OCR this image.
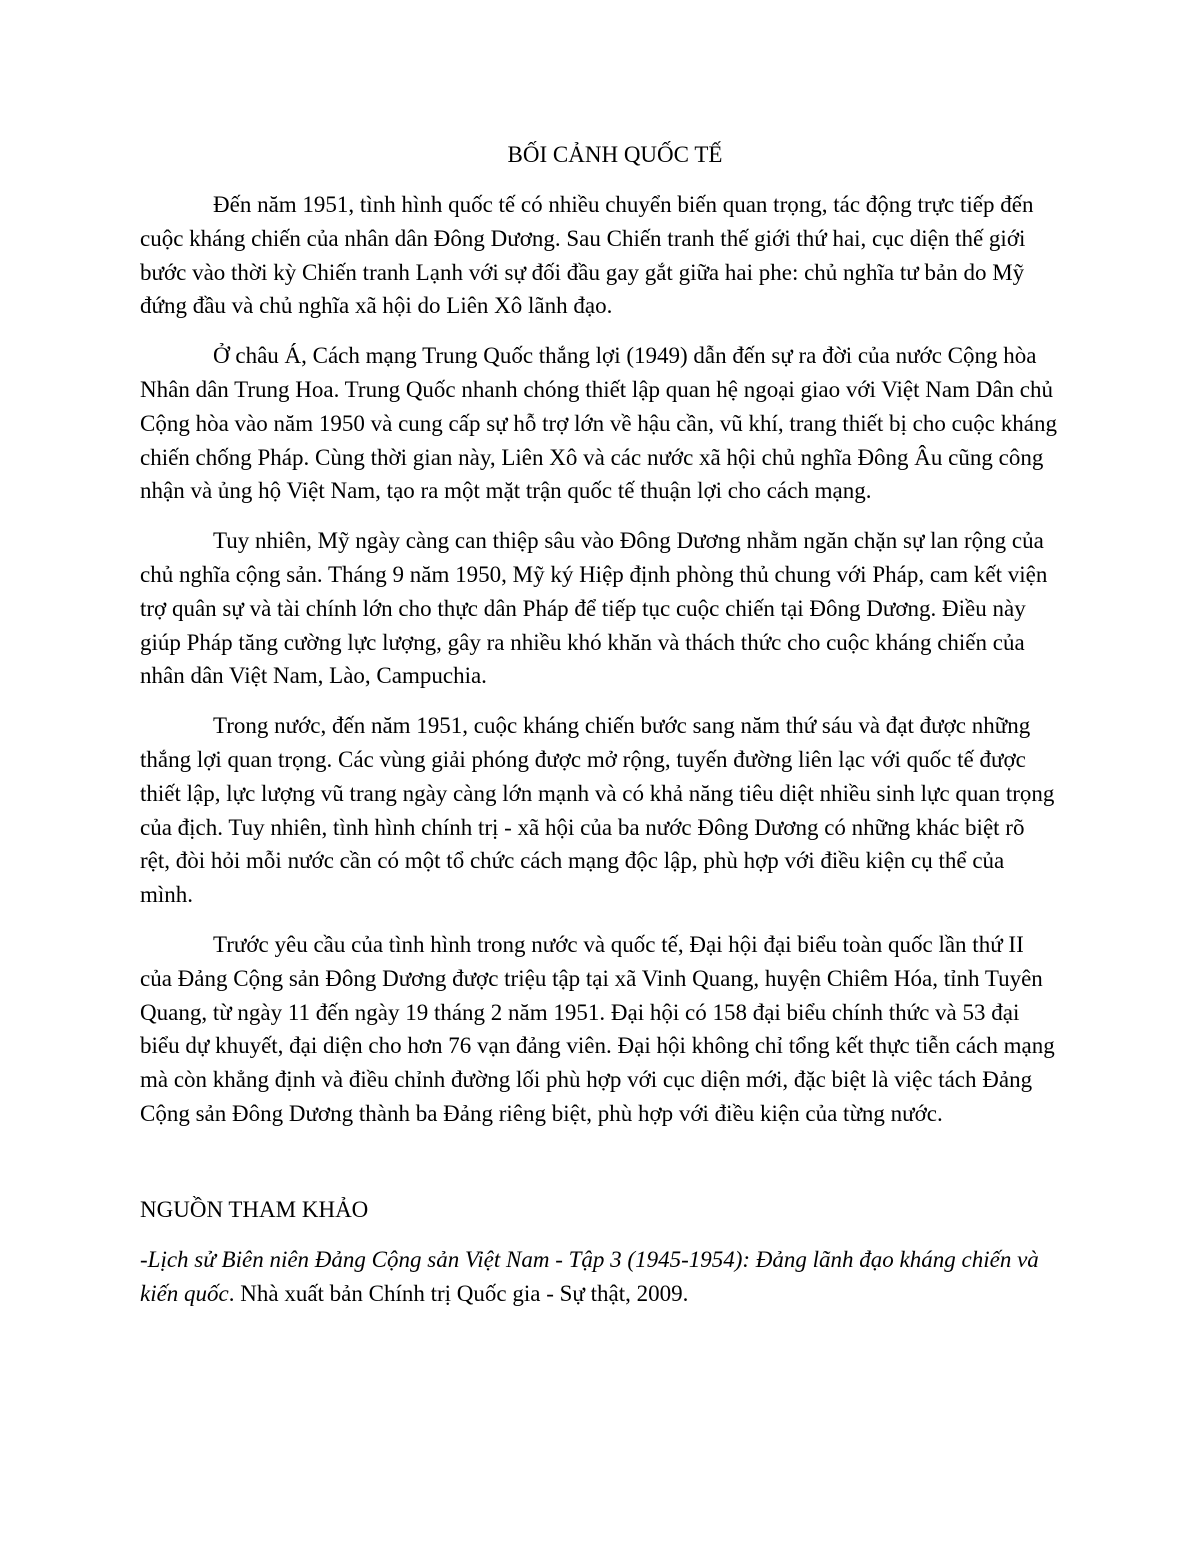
BỐI CẢNH QUỐC TẾ

Đến năm 1951, tình hình quốc tế có nhiều chuyển biến quan trọng, tác động trực tiếp đến cuộc kháng chiến của nhân dân Đông Dương. Sau Chiến tranh thế giới thứ hai, cục diện thế giới bước vào thời kỳ Chiến tranh Lạnh với sự đối đầu gay gắt giữa hai phe: chủ nghĩa tư bản do Mỹ đứng đầu và chủ nghĩa xã hội do Liên Xô lãnh đạo.

Ở châu Á, Cách mạng Trung Quốc thắng lợi (1949) dẫn đến sự ra đời của nước Cộng hòa Nhân dân Trung Hoa. Trung Quốc nhanh chóng thiết lập quan hệ ngoại giao với Việt Nam Dân chủ Cộng hòa vào năm 1950 và cung cấp sự hỗ trợ lớn về hậu cần, vũ khí, trang thiết bị cho cuộc kháng chiến chống Pháp. Cùng thời gian này, Liên Xô và các nước xã hội chủ nghĩa Đông Âu cũng công nhận và ủng hộ Việt Nam, tạo ra một mặt trận quốc tế thuận lợi cho cách mạng.

Tuy nhiên, Mỹ ngày càng can thiệp sâu vào Đông Dương nhằm ngăn chặn sự lan rộng của chủ nghĩa cộng sản. Tháng 9 năm 1950, Mỹ ký Hiệp định phòng thủ chung với Pháp, cam kết viện trợ quân sự và tài chính lớn cho thực dân Pháp để tiếp tục cuộc chiến tại Đông Dương. Điều này giúp Pháp tăng cường lực lượng, gây ra nhiều khó khăn và thách thức cho cuộc kháng chiến của nhân dân Việt Nam, Lào, Campuchia.

Trong nước, đến năm 1951, cuộc kháng chiến bước sang năm thứ sáu và đạt được những thắng lợi quan trọng. Các vùng giải phóng được mở rộng, tuyến đường liên lạc với quốc tế được thiết lập, lực lượng vũ trang ngày càng lớn mạnh và có khả năng tiêu diệt nhiều sinh lực quan trọng của địch. Tuy nhiên, tình hình chính trị - xã hội của ba nước Đông Dương có những khác biệt rõ rệt, đòi hỏi mỗi nước cần có một tổ chức cách mạng độc lập, phù hợp với điều kiện cụ thể của mình.

Trước yêu cầu của tình hình trong nước và quốc tế, Đại hội đại biểu toàn quốc lần thứ II của Đảng Cộng sản Đông Dương được triệu tập tại xã Vinh Quang, huyện Chiêm Hóa, tỉnh Tuyên Quang, từ ngày 11 đến ngày 19 tháng 2 năm 1951. Đại hội có 158 đại biểu chính thức và 53 đại biểu dự khuyết, đại diện cho hơn 76 vạn đảng viên. Đại hội không chỉ tổng kết thực tiễn cách mạng mà còn khẳng định và điều chỉnh đường lối phù hợp với cục diện mới, đặc biệt là việc tách Đảng Cộng sản Đông Dương thành ba Đảng riêng biệt, phù hợp với điều kiện của từng nước.

NGUỒN THAM KHẢO

-Lịch sử Biên niên Đảng Cộng sản Việt Nam - Tập 3 (1945-1954): Đảng lãnh đạo kháng chiến và kiến quốc. Nhà xuất bản Chính trị Quốc gia - Sự thật, 2009.
